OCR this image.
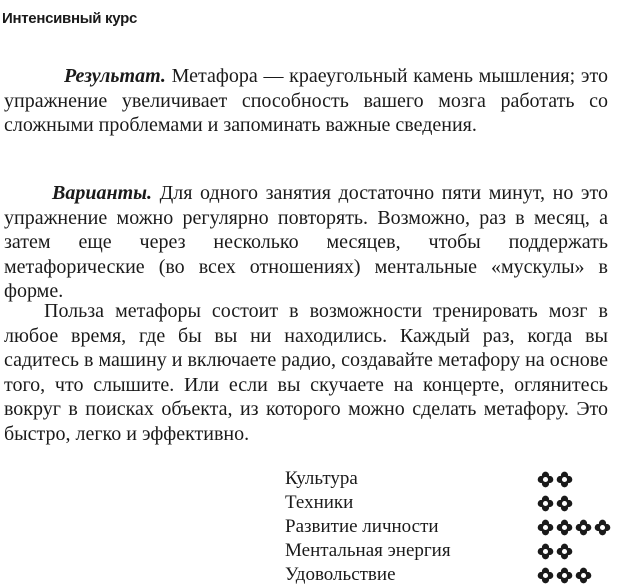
Интенсивный курс

Результат. Метафора — краеугольный камень мышления; это упражнение увеличивает способность вашего мозга работать со сложными проблемами и запоминать важные сведения.

Варианты. Для одного занятия достаточно пяти минут, но это упражнение можно регулярно повторять. Возможно, раз в месяц, а затем еще через несколько месяцев, чтобы поддержать метафорические (во всех отношениях) ментальные «мускулы» в форме.

Польза метафоры состоит в возможности тренировать мозг в любое время, где бы вы ни находились. Каждый раз, когда вы садитесь в машину и включаете радио, создавайте метафору на основе того, что слышите. Или если вы скучаете на концерте, оглянитесь вокруг в поисках объекта, из которого можно сделать метафору. Это быстро, легко и эффективно.

Культура
Техники
Развитие личности
Ментальная энергия
Удовольствие
